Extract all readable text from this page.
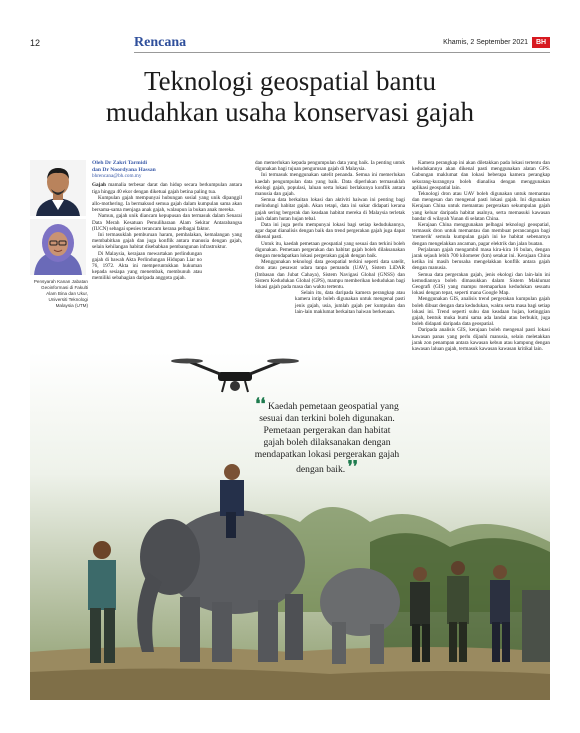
12	Rencana	Khamis, 2 September 2021	BH
Teknologi geospatial bantu
mudahkan usaha konservasi gajah

Pensyarah Kanan Jabatan Geoinformasi di Fakulti Alam Bina dan Ukur, Universiti Teknologi Malaysia (UTM)

Oleh Dr Zakri Tarmidi
dan Dr Noordyana Hassan
bhrencana@bh.com.my

Gajah mamalia terbesar darat dan hidup secara berkumpulan antara tiga hingga 40 ekor dengan diketuai gajah betina paling tua.

Kumpulan gajah mempunyai hubungan sosial yang unik dipanggil allo-mothering. Ia bermaksud semua gajah dalam kumpulan sama akan bersama-sama menjaga anak gajah, walaupun ia bukan anak mereka.

Namun, gajah unik diancam kepupusan dan termasuk dalam Senarai Data Merah Kesatuan Pemuliharaan Alam Sekitar Antarabangsa (IUCN) sebagai spesies terancam kerana pelbagai faktor.

Ini termasuklah pemburuan haram, pembalakan, kemalangan yang membabitkan gajah dan juga konflik antara manusia dengan gajah, selain kehilangan habitat disebabkan pembangunan infrastruktur.

Di Malaysia, kerajaan mewartakan perlindungan gajah di bawah Akta Perlindungan Hidupan Liar no 76, 1972. Akta ini memperuntukkan hukuman kepada sesiapa yang menembak, membunuh atau memiliki sebahagian daripada anggota gajah.

dan memerlukan kepada pengumpulan data yang baik. Ia penting untuk digunakan bagi tujuan pengurusan gajah di Malaysia.

Ini termasuk menggunakan satelit penanda. Semua ini memerlukan kaedah pengumpulan data yang baik. Data diperlukan termasuklah ekologi gajah, populasi, laluan serta lokasi berlakunya konflik antara manusia dan gajah.

Semua data berkaitan lokasi dan aktiviti haiwan ini penting bagi melindungi habitat gajah. Akan tetapi, data ini sukar didapati kerana gajah sering bergerak dan keadaan habitat mereka di Malaysia terletak jauh dalam hutan hujan tebal.

Data ini juga perlu mempunyai lokasi bagi setiap kedudukannya, agar dapat dianalisis dengan baik dan trend pergerakan gajah juga dapat dikenal pasti.

Untuk itu, kaedah pemetaan geospatial yang sesuai dan terkini boleh digunakan. Pemetaan pergerakan dan habitat gajah boleh dilaksanakan dengan mendapatkan lokasi pergerakan gajah dengan baik.

Menggunakan teknologi data geospatial terkini seperti data satelit, dron atau pesawat udara tanpa pemandu (UAV), Sistem LiDAR (Imbasan dan Jubat Cahaya), Sistem Navigasi Global (GNSS) dan Sistem Kedudukan Global (GPS), mampu memberikan kedudukan bagi lokasi gajah pada masa dan waktu tertentu.

Selain itu, data daripada kamera perangkap atau kamera intip boleh digunakan untuk mengenal pasti jenis gajah, usia, jumlah gajah per kumpulan dan lain-lain maklumat berkaitan haiwan berkenaan.

Kamera perangkap ini akan diletakkan pada lokasi tertentu dan kedudukannya akan dikenal pasti menggunakan alatan GPS. Gabungan maklumat dan lokasi beberapa kamera perangkap sekurang-kurangnya boleh dianalisa dengan menggunakan aplikasi geospatial lain.

Teknologi dron atau UAV boleh digunakan untuk memantau dan mengesan dan mengenal pasti lokasi gajah. Ini digunakan Kerajaan China untuk memantau pergerakan sekumpulan gajah yang keluar daripada habitat asalnya, serta memasuki kawasan bandar di wilayah Yunan di selatan China.

Kerajaan China menggunakan pelbagai teknologi geospatial, termasuk dron untuk memantau dan membuat perancangan bagi 'memerik' semula kumpulan gajah ini ke habitat sebenarnya dengan mengelakkan ancaman, pagar elektrik dan jalan buatan.

Perjalanan gajah mengambil masa kira-kira 16 bulan, dengan jarak sejauh lebih 700 kilometer (km) setakat ini. Kerajaan China ketika ini masih berusaha mengelakkan konflik antara gajah dengan manusia.

Semua data pergerakan gajah, jenis ekologi dan lain-lain ini kemudiannya boleh dimasukkan dalam Sistem Maklumat Geografi (GIS) yang mampu memaparkan kedudukan sesuatu lokasi dengan tepat, seperti mana Google Map.

Menggunakan GIS, analisis trend pergerakan kumpulan gajah boleh dibuat dengan data kedudukan, waktu serta masa bagi setiap lokasi ini. Trend seperti suhu dan keadaan hujan, ketinggian gajah, bentuk muka bumi sama ada landai atau berbukit, juga boleh didapati daripada data geospatial.

Daripada analisis GIS, kerajaan boleh mengenal pasti lokasi kawasan panas yang perlu dijauhi manusia, selain meletakkan jarak zon penampan antara kawasan kebun atau kampung dengan kawasan laluan gajah, termasuk kawasan kawasan kritikal lain.

❛❛ Kaedah pemetaan geospatial yang sesuai dan terkini boleh digunakan. Pemetaan pergerakan dan habitat gajah boleh dilaksanakan dengan mendapatkan lokasi pergerakan gajah dengan baik. ❜❜
